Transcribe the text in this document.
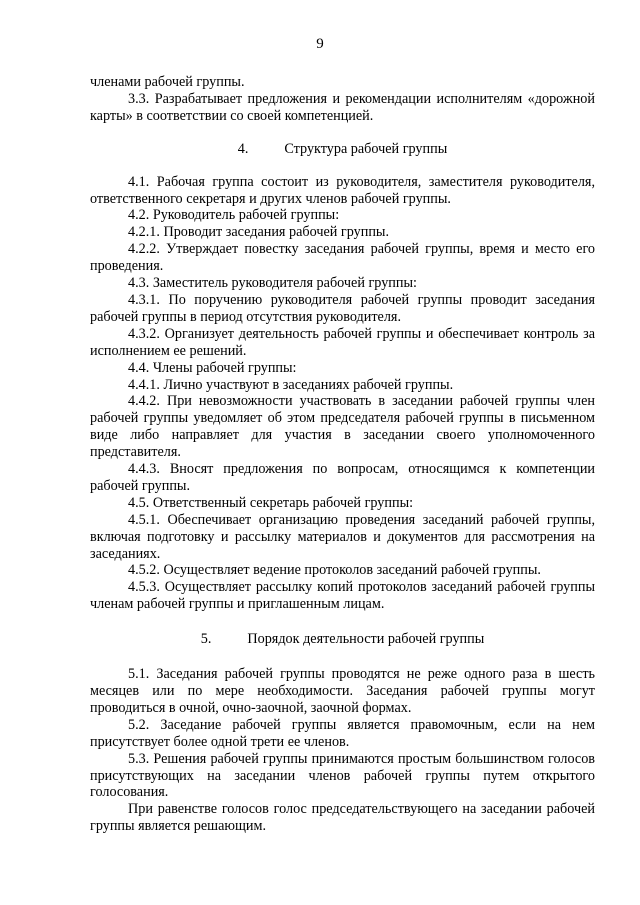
9

членами рабочей группы.

3.3. Разрабатывает предложения и рекомендации исполнителям «дорожной карты» в соответствии со своей компетенцией.

4.	Структура рабочей группы

4.1. Рабочая группа состоит из руководителя, заместителя руководителя, ответственного секретаря и других членов рабочей группы.

4.2. Руководитель рабочей группы:

4.2.1. Проводит заседания рабочей группы.

4.2.2. Утверждает повестку заседания рабочей группы, время и место его проведения.

4.3. Заместитель руководителя рабочей группы:

4.3.1. По поручению руководителя рабочей группы проводит заседания рабочей группы в период отсутствия руководителя.

4.3.2. Организует деятельность рабочей группы и обеспечивает контроль за исполнением ее решений.

4.4. Члены рабочей группы:

4.4.1. Лично участвуют в заседаниях рабочей группы.

4.4.2. При невозможности участвовать в заседании рабочей группы член рабочей группы уведомляет об этом председателя рабочей группы в письменном виде либо направляет для участия в заседании своего уполномоченного представителя.

4.4.3. Вносят предложения по вопросам, относящимся к компетенции рабочей группы.

4.5. Ответственный секретарь рабочей группы:

4.5.1. Обеспечивает организацию проведения заседаний рабочей группы, включая подготовку и рассылку материалов и документов для рассмотрения на заседаниях.

4.5.2. Осуществляет ведение протоколов заседаний рабочей группы.

4.5.3. Осуществляет рассылку копий протоколов заседаний рабочей группы членам рабочей группы и приглашенным лицам.

5.	Порядок деятельности рабочей группы

5.1. Заседания рабочей группы проводятся не реже одного раза в шесть месяцев или по мере необходимости. Заседания рабочей группы могут проводиться в очной, очно-заочной, заочной формах.

5.2. Заседание рабочей группы является правомочным, если на нем присутствует более одной трети ее членов.

5.3. Решения рабочей группы принимаются простым большинством голосов присутствующих на заседании членов рабочей группы путем открытого голосования.

При равенстве голосов голос председательствующего на заседании рабочей группы является решающим.
